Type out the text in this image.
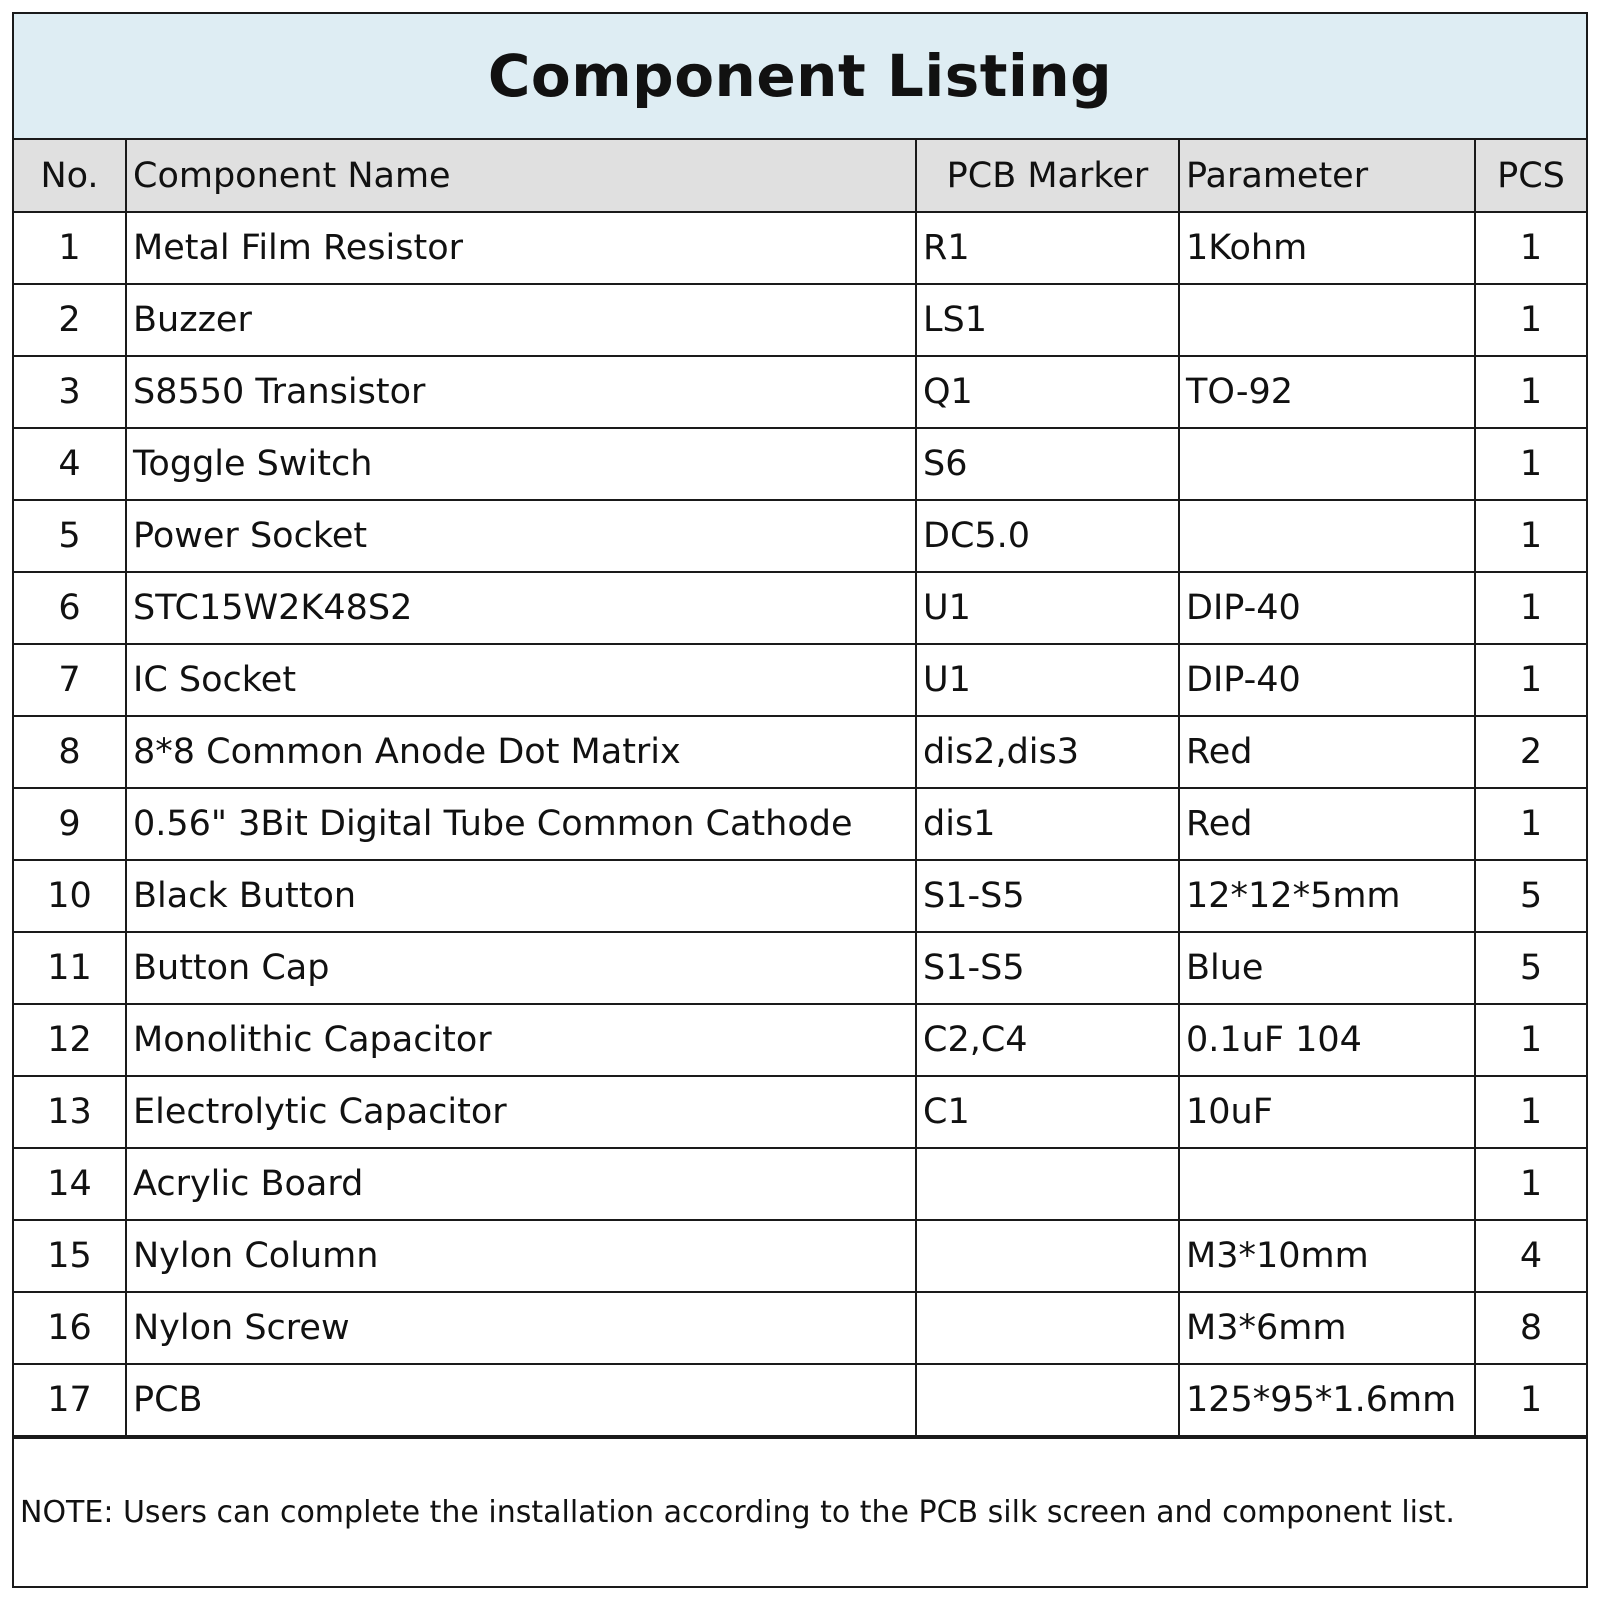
Component Listing
No.	Component Name	PCB Marker	Parameter	PCS
1	Metal Film Resistor	R1	1Kohm	1
2	Buzzer	LS1		1
3	S8550 Transistor	Q1	TO-92	1
4	Toggle Switch	S6		1
5	Power Socket	DC5.0		1
6	STC15W2K48S2	U1	DIP-40	1
7	IC Socket	U1	DIP-40	1
8	8*8 Common Anode Dot Matrix	dis2,dis3	Red	2
9	0.56" 3Bit Digital Tube Common Cathode	dis1	Red	1
10	Black Button	S1-S5	12*12*5mm	5
11	Button Cap	S1-S5	Blue	5
12	Monolithic Capacitor	C2,C4	0.1uF 104	1
13	Electrolytic Capacitor	C1	10uF	1
14	Acrylic Board			1
15	Nylon Column		M3*10mm	4
16	Nylon Screw		M3*6mm	8
17	PCB		125*95*1.6mm	1
NOTE: Users can complete the installation according to the PCB silk screen and component list.
